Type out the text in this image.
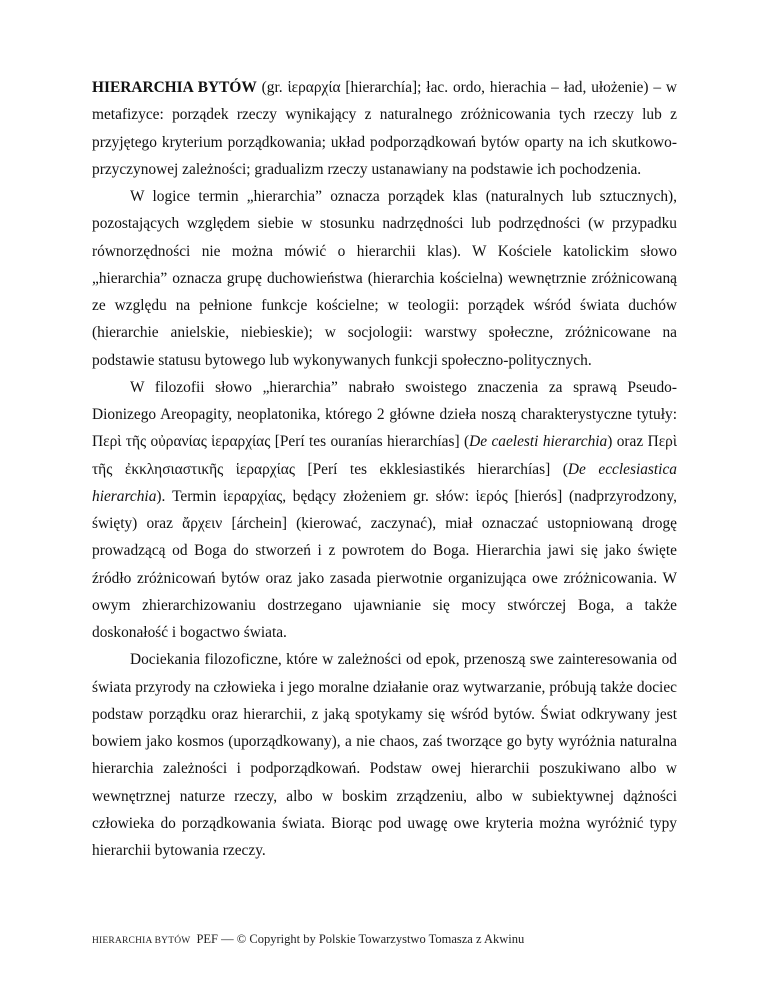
HIERARCHIA BYTÓW (gr. ἱεραρχία [hierarchía]; łac. ordo, hierachia – ład, ułożenie) – w metafizyce: porządek rzeczy wynikający z naturalnego zróżnicowania tych rzeczy lub z przyjętego kryterium porządkowania; układ podporządkowań bytów oparty na ich skutkowo-przyczynowej zależności; gradualizm rzeczy ustanawiany na podstawie ich pochodzenia.

W logice termin „hierarchia” oznacza porządek klas (naturalnych lub sztucznych), pozostających względem siebie w stosunku nadrzędności lub podrzędności (w przypadku równorzędności nie można mówić o hierarchii klas). W Kościele katolickim słowo „hierarchia” oznacza grupę duchowieństwa (hierarchia kościelna) wewnętrznie zróżnicowaną ze względu na pełnione funkcje kościelne; w teologii: porządek wśród świata duchów (hierarchie anielskie, niebieskie); w socjologii: warstwy społeczne, zróżnicowane na podstawie statusu bytowego lub wykonywanych funkcji społeczno-politycznych.

W filozofii słowo „hierarchia” nabrało swoistego znaczenia za sprawą Pseudo-Dionizego Areopagity, neoplatonika, którego 2 główne dzieła noszą charakterystyczne tytuły: Περὶ τῆς οὐρανίας ἱεραρχίας [Perí tes ouranías hierarchías] (De caelesti hierarchia) oraz Περὶ τῆς ἐκκλησιαστικῆς ἱεραρχίας [Perí tes ekklesiastikés hierarchías] (De ecclesiastica hierarchia). Termin ἱεραρχίας, będący złożeniem gr. słów: ἱερός [hierós] (nadprzyrodzony, święty) oraz ἄρχειν [árchein] (kierować, zaczynać), miał oznaczać ustopniowaną drogę prowadzącą od Boga do stworzeń i z powrotem do Boga. Hierarchia jawi się jako święte źródło zróżnicowań bytów oraz jako zasada pierwotnie organizująca owe zróżnicowania. W owym zhierarchizowaniu dostrzegano ujawnianie się mocy stwórczej Boga, a także doskonałość i bogactwo świata.

Dociekania filozoficzne, które w zależności od epok, przenoszą swe zainteresowania od świata przyrody na człowieka i jego moralne działanie oraz wytwarzanie, próbują także dociec podstaw porządku oraz hierarchii, z jaką spotykamy się wśród bytów. Świat odkrywany jest bowiem jako kosmos (uporządkowany), a nie chaos, zaś tworzące go byty wyróżnia naturalna hierarchia zależności i podporządkowań. Podstaw owej hierarchii poszukiwano albo w wewnętrznej naturze rzeczy, albo w boskim zrządzeniu, albo w subiektywnej dążności człowieka do porządkowania świata. Biorąc pod uwagę owe kryteria można wyróżnić typy hierarchii bytowania rzeczy.

HIERARCHIA BYTÓW PEF — © Copyright by Polskie Towarzystwo Tomasza z Akwinu
